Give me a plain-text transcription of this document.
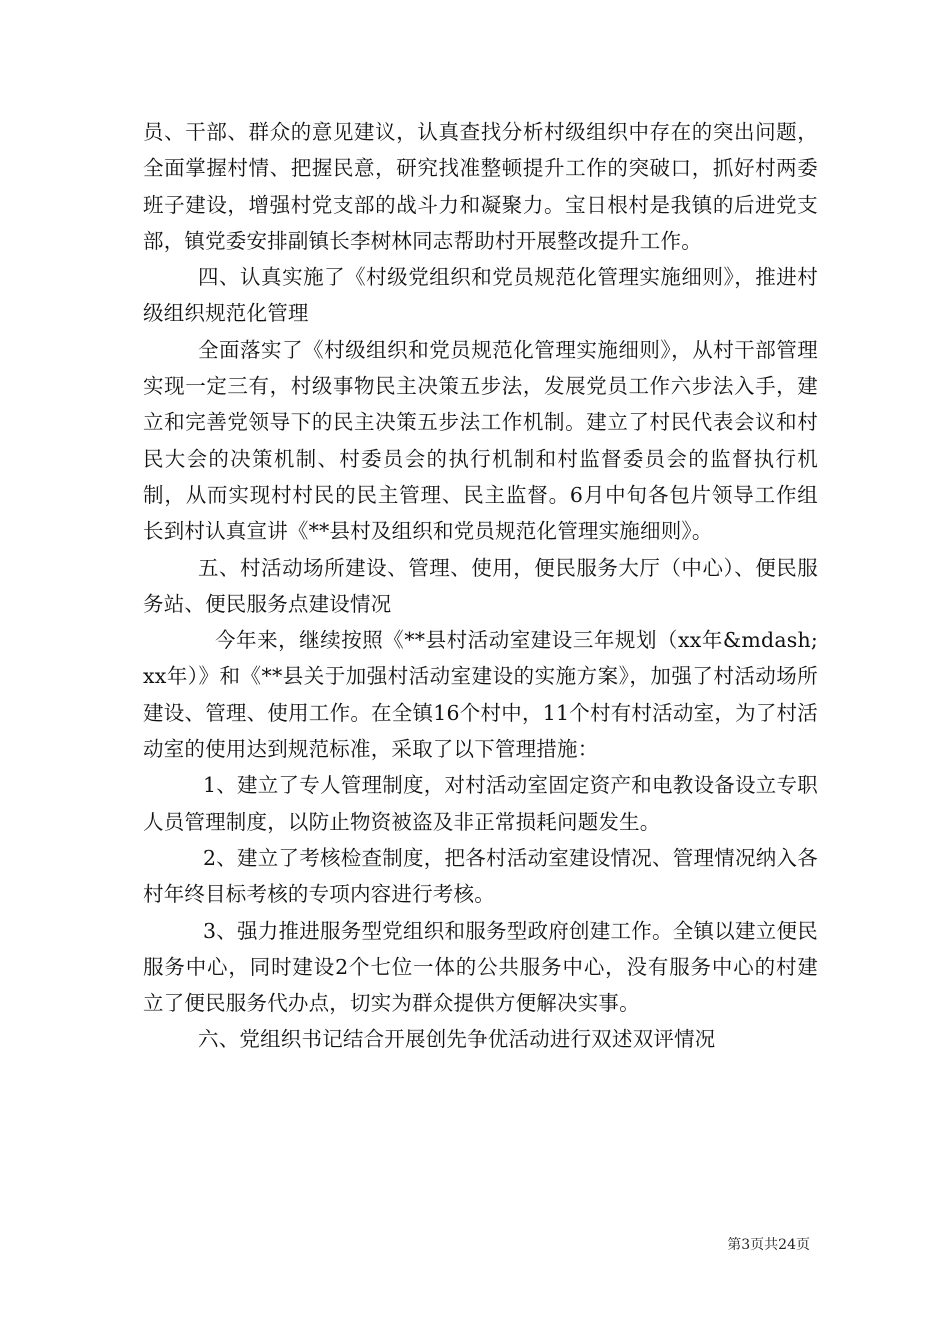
员、干部、群众的意见建议，认真查找分析村级组织中存在的突出问题，全面掌握村情、把握民意，研究找准整顿提升工作的突破口，抓好村两委班子建设，增强村党支部的战斗力和凝聚力。宝日根村是我镇的后进党支部，镇党委安排副镇长李树林同志帮助村开展整改提升工作。

四、认真实施了《村级党组织和党员规范化管理实施细则》，推进村级组织规范化管理

全面落实了《村级组织和党员规范化管理实施细则》，从村干部管理实现一定三有，村级事物民主决策五步法，发展党员工作六步法入手，建立和完善党领导下的民主决策五步法工作机制。建立了村民代表会议和村民大会的决策机制、村委员会的执行机制和村监督委员会的监督执行机制，从而实现村村民的民主管理、民主监督。6月中旬各包片领导工作组长到村认真宣讲《**县村及组织和党员规范化管理实施细则》。

五、村活动场所建设、管理、使用，便民服务大厅（中心）、便民服务站、便民服务点建设情况

今年来，继续按照《**县村活动室建设三年规划（xx年&mdash;xx年）》和《**县关于加强村活动室建设的实施方案》，加强了村活动场所建设、管理、使用工作。在全镇16个村中，11个村有村活动室，为了村活动室的使用达到规范标准，采取了以下管理措施：

1、建立了专人管理制度，对村活动室固定资产和电教设备设立专职人员管理制度，以防止物资被盗及非正常损耗问题发生。

2、建立了考核检查制度，把各村活动室建设情况、管理情况纳入各村年终目标考核的专项内容进行考核。

3、强力推进服务型党组织和服务型政府创建工作。全镇以建立便民服务中心，同时建设2个七位一体的公共服务中心，没有服务中心的村建立了便民服务代办点，切实为群众提供方便解决实事。

六、党组织书记结合开展创先争优活动进行双述双评情况

第3页共24页
